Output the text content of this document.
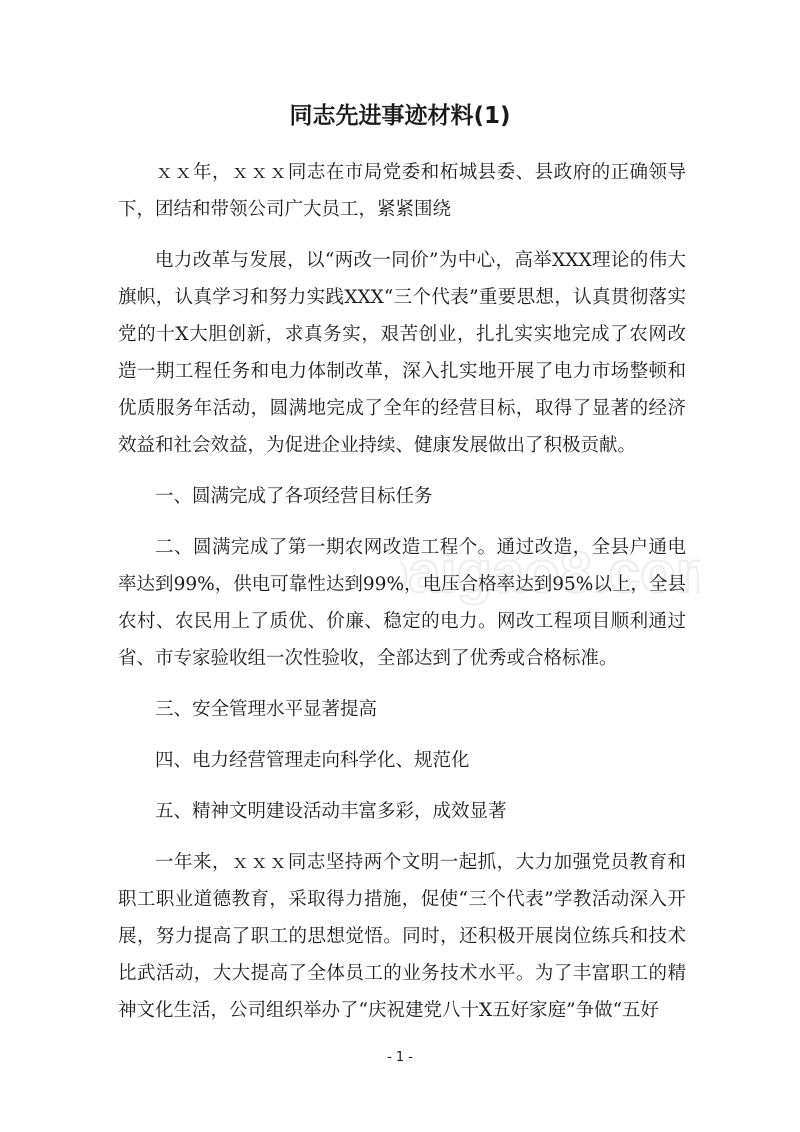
aigao8.co
同志先进事迹材料(1)

ｘｘ年，ｘｘｘ同志在市局党委和柘城县委、县政府的正确领导下，团结和带领公司广大员工，紧紧围绕

电力改革与发展，以“两改一同价”为中心，高举XXX理论的伟大旗帜，认真学习和努力实践XXX“三个代表”重要思想，认真贯彻落实党的十X大胆创新，求真务实，艰苦创业，扎扎实实地完成了农网改造一期工程任务和电力体制改革，深入扎实地开展了电力市场整顿和优质服务年活动，圆满地完成了全年的经营目标，取得了显著的经济效益和社会效益，为促进企业持续、健康发展做出了积极贡献。

一、圆满完成了各项经营目标任务

二、圆满完成了第一期农网改造工程个。通过改造，全县户通电率达到99%，供电可靠性达到99%，电压合格率达到95%以上，全县农村、农民用上了质优、价廉、稳定的电力。网改工程项目顺利通过省、市专家验收组一次性验收，全部达到了优秀或合格标准。

三、安全管理水平显著提高

四、电力经营管理走向科学化、规范化

五、精神文明建设活动丰富多彩，成效显著

一年来，ｘｘｘ同志坚持两个文明一起抓，大力加强党员教育和职工职业道德教育，采取得力措施，促使“三个代表”学教活动深入开展，努力提高了职工的思想觉悟。同时，还积极开展岗位练兵和技术比武活动，大大提高了全体员工的业务技术水平。为了丰富职工的精神文化生活，公司组织举办了“庆祝建党八十X五好家庭”争做“五好

- 1 -
